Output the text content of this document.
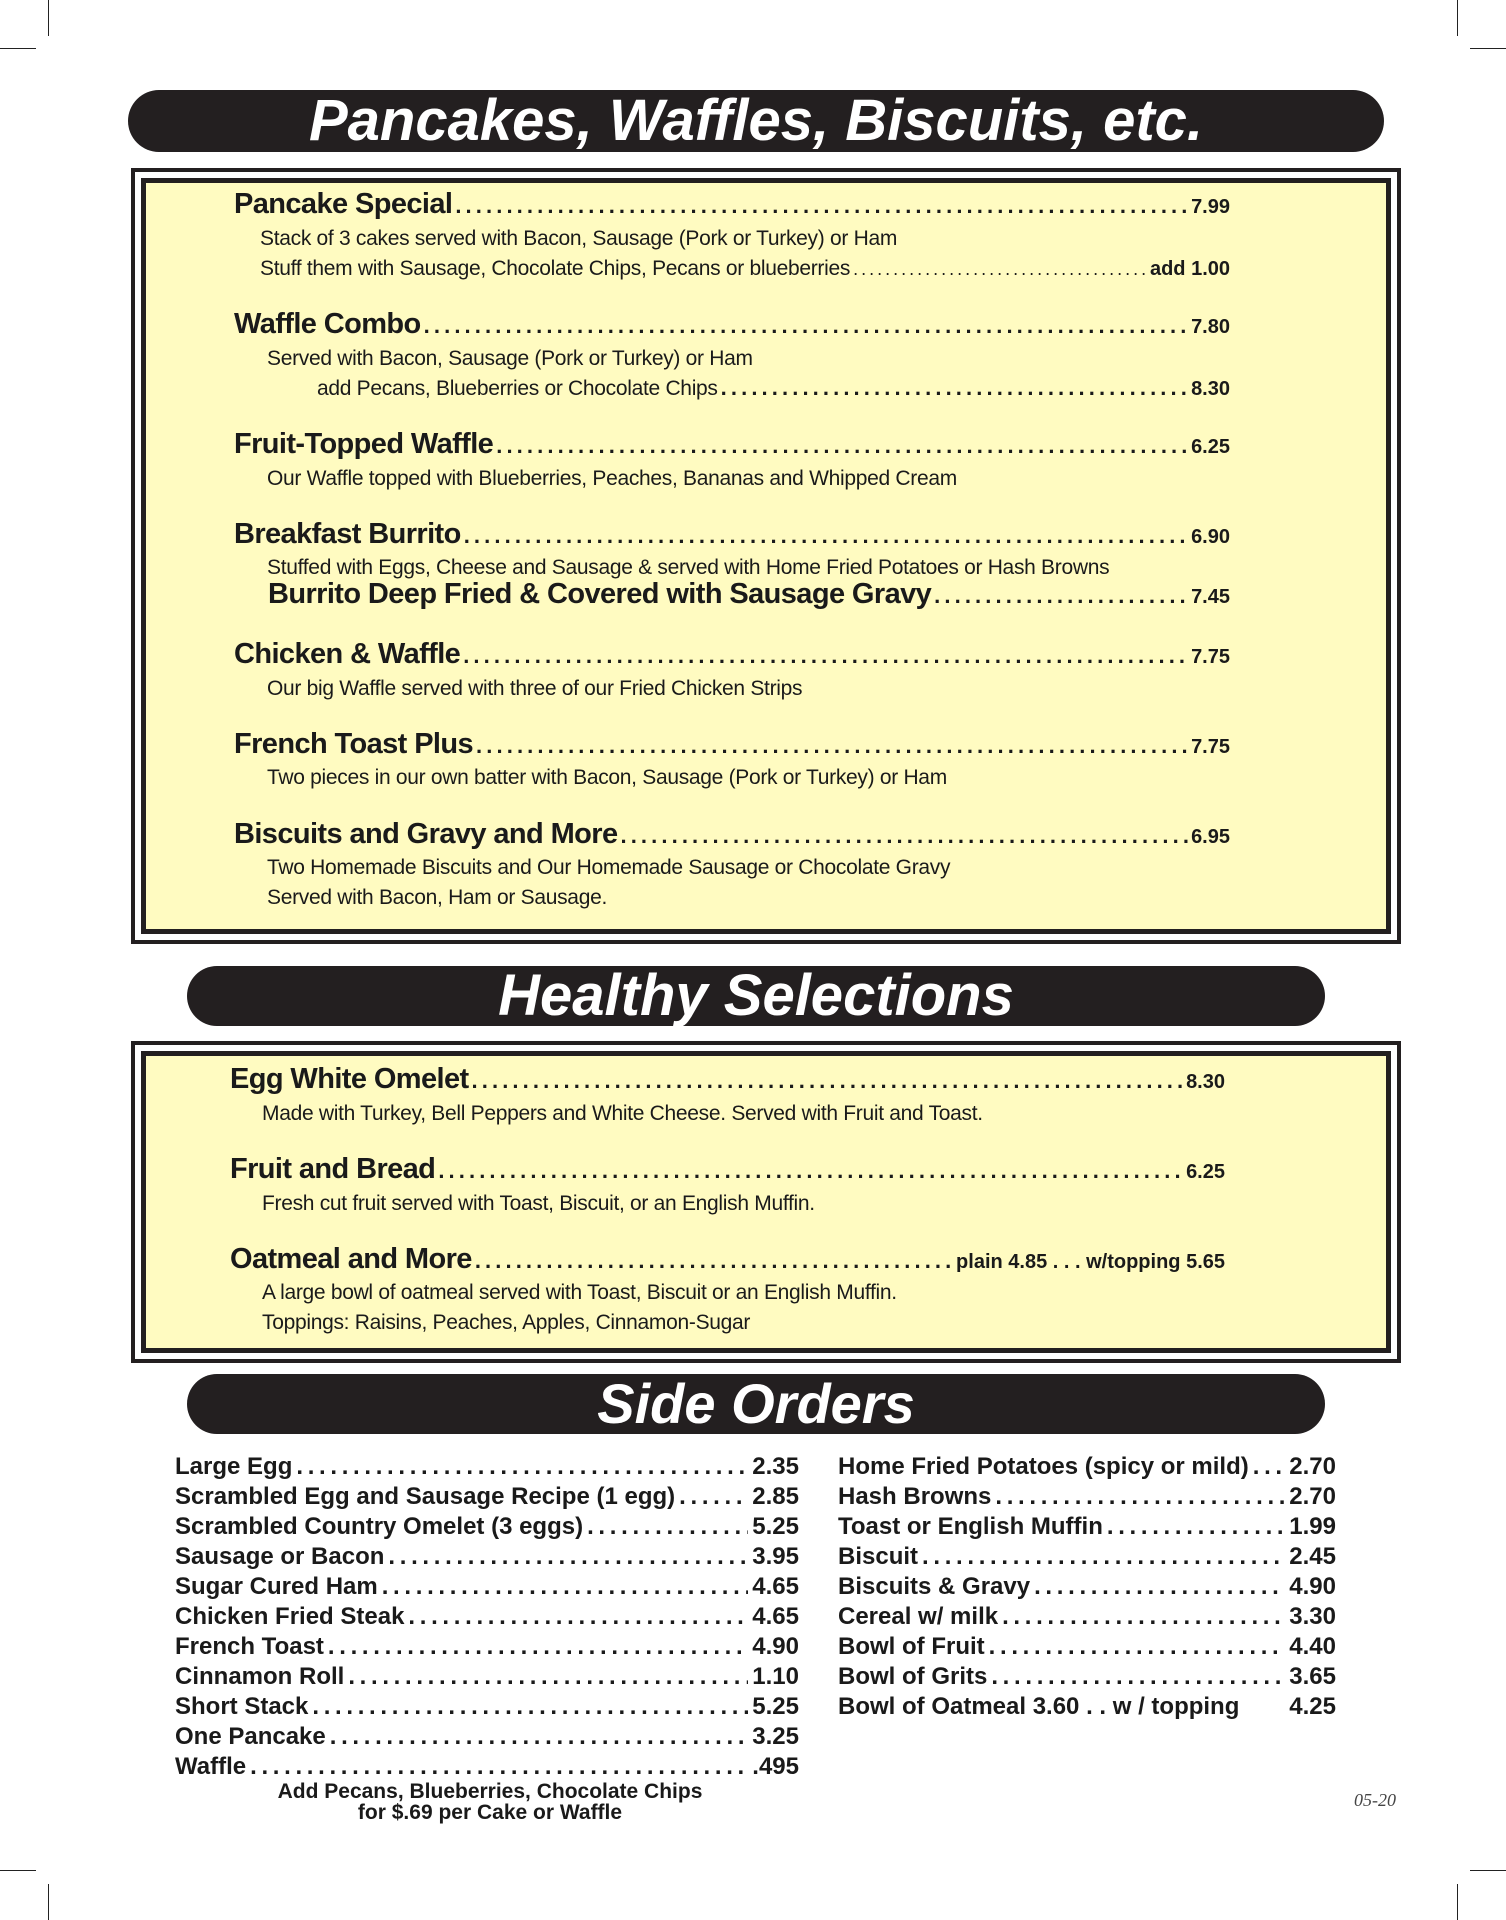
Pancakes, Waffles, Biscuits, etc.
Pancake Special . . .	7.99
Stack of 3 cakes served with Bacon, Sausage (Pork or Turkey) or Ham
Stuff them with Sausage, Chocolate Chips, Pecans or blueberries . . .	add 1.00
Waffle Combo . . .	7.80
Served with Bacon, Sausage (Pork or Turkey) or Ham
add Pecans, Blueberries or Chocolate Chips . . .	8.30
Fruit-Topped Waffle . . .	6.25
Our Waffle topped with Blueberries, Peaches, Bananas and Whipped Cream
Breakfast Burrito . . .	6.90
Stuffed with Eggs, Cheese and Sausage & served with Home Fried Potatoes or Hash Browns
Burrito Deep Fried & Covered with Sausage Gravy . . .	7.45
Chicken & Waffle . . .	7.75
Our big Waffle served with three of our Fried Chicken Strips
French Toast Plus . . .	7.75
Two pieces in our own batter with Bacon, Sausage (Pork or Turkey) or Ham
Biscuits and Gravy and More . . .	6.95
Two Homemade Biscuits and Our Homemade Sausage or Chocolate Gravy
Served with Bacon, Ham or Sausage.
Healthy Selections
Egg White Omelet . . .	8.30
Made with Turkey, Bell Peppers and White Cheese. Served with Fruit and Toast.
Fruit and Bread . . .	6.25
Fresh cut fruit served with Toast, Biscuit, or an English Muffin.
Oatmeal and More . . .	plain 4.85 . . . w/topping 5.65
A large bowl of oatmeal served with Toast, Biscuit or an English Muffin.
Toppings: Raisins, Peaches, Apples, Cinnamon-Sugar
Side Orders
Large Egg . . .	2.35
Scrambled Egg and Sausage Recipe (1 egg) . . .	2.85
Scrambled Country Omelet (3 eggs) . . .	5.25
Sausage or Bacon . . .	3.95
Sugar Cured Ham . . .	4.65
Chicken Fried Steak . . .	4.65
French Toast . . .	4.90
Cinnamon Roll . . .	1.10
Short Stack . . .	5.25
One Pancake . . .	3.25
Waffle . . .	.495
Home Fried Potatoes (spicy or mild) . . . 2.70
Hash Browns . . .	2.70
Toast or English Muffin . . .	1.99
Biscuit . . .	2.45
Biscuits & Gravy . . .	4.90
Cereal w/ milk . . .	3.30
Bowl of Fruit . . .	4.40
Bowl of Grits . . .	3.65
Bowl of Oatmeal 3.60 . . w / topping 4.25
Add Pecans, Blueberries, Chocolate Chips
for $.69 per Cake or Waffle
05-20
